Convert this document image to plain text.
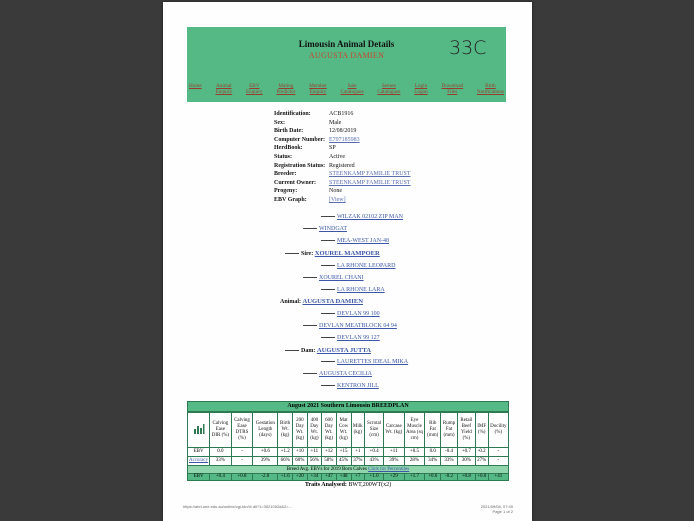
Limousin Animal Details
AUGUSTA DAMIEN	33C
Home	Animal
Enquiry
EBV
Enquiry
Mating
Predictor
Member
Enquiry
Sale
Catalogues
Semen
Catalogues
Login
Logon
Download
Files
Birth
Notifications
Identification:	ACB1916
Sex:	Male
Birth Date:	12/08/2019
Computer Number: E797185983
HerdBook:	SP
Status:	Active
Registration Status: Registered
Breeder:	STEENKAMP FAMILIE TRUST
Current Owner:	STEENKAMP FAMILIE TRUST
Progeny:	None
EBV Graph:	[View]
WILZAK 02102 ZIP MAN
WINDGAT
MEA-WEST JAN-48
Sire: XOUREL MAMPOER
LA RHONE LEOPARD
XOUREL CHANI
LA RHONE LARA
Animal: AUGUSTA DAMIEN
DEVLAN 99 100
DEVLAN MEATBLOCK 04 94
DEVLAN 99 127
Dam: AUGUSTA JUTTA
LAURETTES IDEAL MIKA
AUGUSTA CECILIA
KENTRON JILL
August 2021 Southern Limousin BREEDPLAN
	Calving Ease DIR (%)	Calving Ease DTRS (%)	Gestation Length (days)	Birth Wt. (kg)	200 Day Wt. (kg)	400 Day Wt. (kg)	600 Day Wt. (kg)	Mat Cow Wt. (kg)	Milk (kg)	Scrotal Size (cm)	Carcase Wt. (kg)	Eye Muscle Area (sq cm)	Rib Fat (mm)	Rump Fat (mm)	Retail Beef Yield (%)	IMF (%)	Docility (%)
EBV	0.0	-	+0.6	+1.2	+10	+11	+12	+15	+1	+0.4	+11	+0.5	0.0	-0.4	+0.7	-0.2	-
Accuracy	33%	-	39%	66%	60%	56%	58%	45%	37%	43%	39%	28%	34%	33%	30%	27%	-
Breed Avg. EBVs for 2019 Born Calves Click for Percentiles																	
EBV	+0.4	+0.8	-2.0	+1.6	+20	+34	+47	+48	+7	+1.0	+29	+1.7	+0.6	-0.2	+0.8	+0.0	+41
Traits Analysed: BWT,200WT(x2)
https://abri.une.edu.au/online/cgi-bin/i4.dll?1=3021052d&2=...	2021/09/08, 07:49
Page 1 of 2
